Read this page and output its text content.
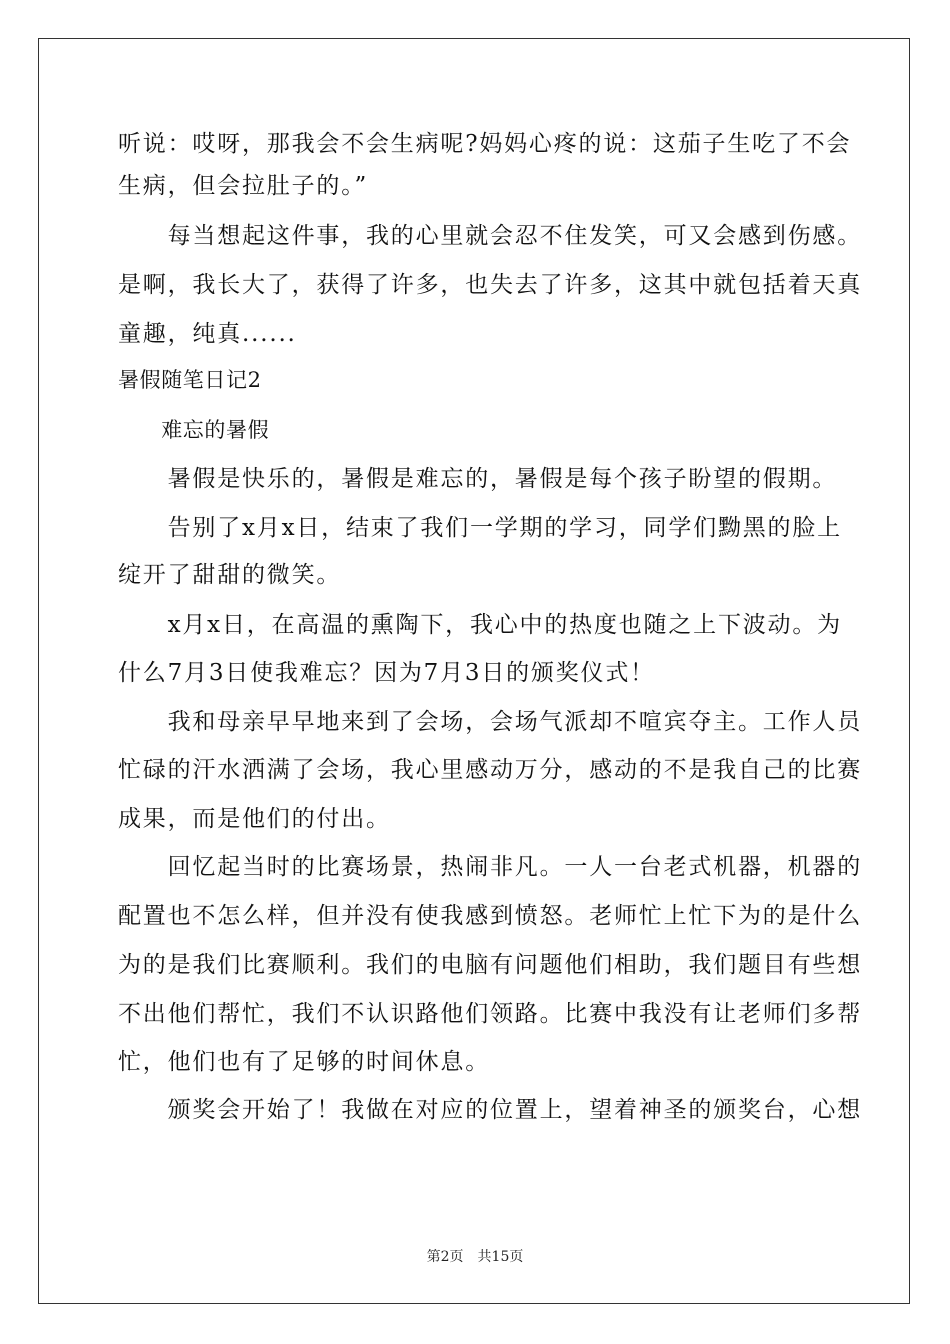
听说：哎呀，那我会不会生病呢?妈妈心疼的说：这茄子生吃了不会
生病，但会拉肚子的。”
　　每当想起这件事，我的心里就会忍不住发笑，可又会感到伤感。
是啊，我长大了，获得了许多，也失去了许多，这其中就包括着天真
童趣，纯真......
暑假随笔日记2
　　难忘的暑假
　　暑假是快乐的，暑假是难忘的，暑假是每个孩子盼望的假期。
　　告别了x月x日，结束了我们一学期的学习，同学们黝黑的脸上
绽开了甜甜的微笑。
　　x月x日，在高温的熏陶下，我心中的热度也随之上下波动。为
什么7月3日使我难忘？因为7月3日的颁奖仪式！
　　我和母亲早早地来到了会场，会场气派却不喧宾夺主。工作人员
忙碌的汗水洒满了会场，我心里感动万分，感动的不是我自己的比赛
成果，而是他们的付出。
　　回忆起当时的比赛场景，热闹非凡。一人一台老式机器，机器的
配置也不怎么样，但并没有使我感到愤怒。老师忙上忙下为的是什么
为的是我们比赛顺利。我们的电脑有问题他们相助，我们题目有些想
不出他们帮忙，我们不认识路他们领路。比赛中我没有让老师们多帮
忙，他们也有了足够的时间休息。
　　颁奖会开始了！我做在对应的位置上，望着神圣的颁奖台，心想
第2页　共15页
